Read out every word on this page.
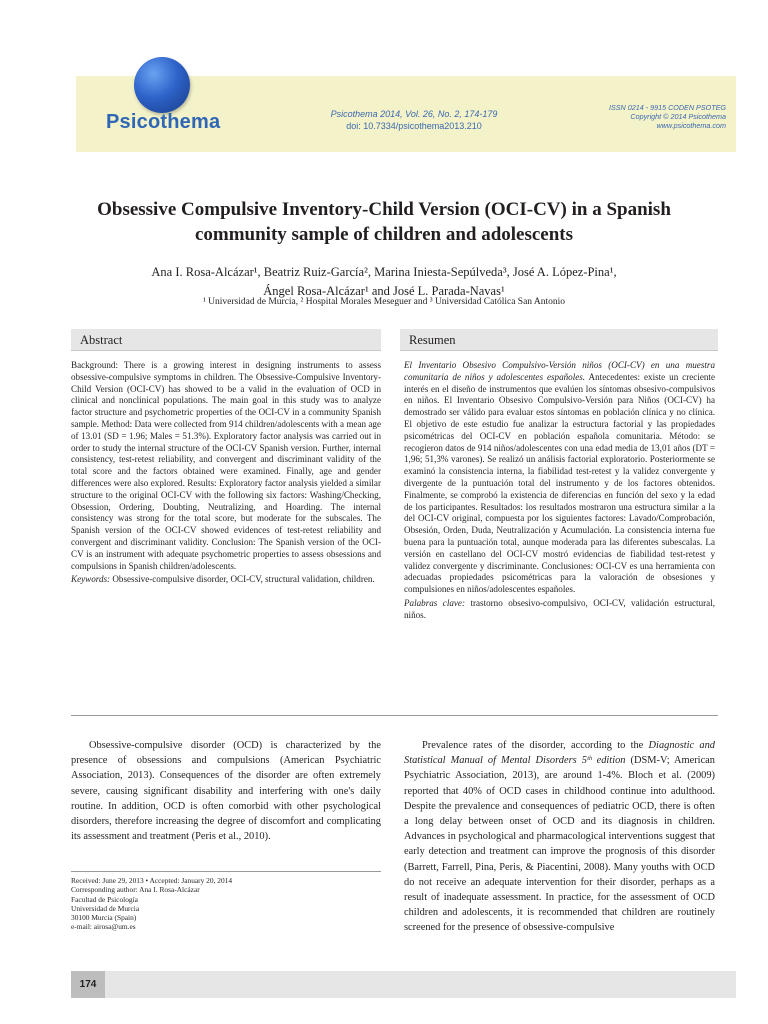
Psicothema	Psicothema 2014, Vol. 26, No. 2, 174-179
doi: 10.7334/psicothema2013.210
ISSN 0214 - 9915 CODEN PSOTEG
Copyright © 2014 Psicothema
www.psicothema.com
Obsessive Compulsive Inventory-Child Version (OCI-CV) in a Spanish
community sample of children and adolescents
Ana I. Rosa-Alcázar¹, Beatriz Ruiz-García², Marina Iniesta-Sepúlveda³, José A. López-Pina¹,
Ángel Rosa-Alcázar¹ and José L. Parada-Navas¹
¹ Universidad de Murcia, ² Hospital Morales Meseguer and ³ Universidad Católica San Antonio
Abstract	Resumen
Background: There is a growing interest in designing instruments to assess obsessive-compulsive symptoms in children. The Obsessive-Compulsive Inventory-Child Version (OCI-CV) has showed to be a valid in the evaluation of OCD in clinical and nonclinical populations. The main goal in this study was to analyze factor structure and psychometric properties of the OCI-CV in a community Spanish sample. Method: Data were collected from 914 children/adolescents with a mean age of 13.01 (SD = 1.96; Males = 51.3%). Exploratory factor analysis was carried out in order to study the internal structure of the OCI-CV Spanish version. Further, internal consistency, test-retest reliability, and convergent and discriminant validity of the total score and the factors obtained were examined. Finally, age and gender differences were also explored. Results: Exploratory factor analysis yielded a similar structure to the original OCI-CV with the following six factors: Washing/Checking, Obsession, Ordering, Doubting, Neutralizing, and Hoarding. The internal consistency was strong for the total score, but moderate for the subscales. The Spanish version of the OCI-CV showed evidences of test-retest reliability and convergent and discriminant validity. Conclusion: The Spanish version of the OCI-CV is an instrument with adequate psychometric properties to assess obsessions and compulsions in Spanish children/adolescents.
Keywords: Obsessive-compulsive disorder, OCI-CV, structural validation, children.
El Inventario Obsesivo Compulsivo-Versión niños (OCI-CV) en una muestra comunitaria de niños y adolescentes españoles. Antecedentes: existe un creciente interés en el diseño de instrumentos que evalúen los síntomas obsesivo-compulsivos en niños. El Inventario Obsesivo Compulsivo-Versión para Niños (OCI-CV) ha demostrado ser válido para evaluar estos síntomas en población clínica y no clínica. El objetivo de este estudio fue analizar la estructura factorial y las propiedades psicométricas del OCI-CV en población española comunitaria. Método: se recogieron datos de 914 niños/adolescentes con una edad media de 13,01 años (DT = 1,96; 51,3% varones). Se realizó un análisis factorial exploratorio. Posteriormente se examinó la consistencia interna, la fiabilidad test-retest y la validez convergente y divergente de la puntuación total del instrumento y de los factores obtenidos. Finalmente, se comprobó la existencia de diferencias en función del sexo y la edad de los participantes. Resultados: los resultados mostraron una estructura similar a la del OCI-CV original, compuesta por los siguientes factores: Lavado/Comprobación, Obsesión, Orden, Duda, Neutralización y Acumulación. La consistencia interna fue buena para la puntuación total, aunque moderada para las diferentes subescalas. La versión en castellano del OCI-CV mostró evidencias de fiabilidad test-retest y validez convergente y discriminante. Conclusiones: OCI-CV es una herramienta con adecuadas propiedades psicométricas para la valoración de obsesiones y compulsiones en niños/adolescentes españoles.
Palabras clave: trastorno obsesivo-compulsivo, OCI-CV, validación estructural, niños.

Obsessive-compulsive disorder (OCD) is characterized by the presence of obsessions and compulsions (American Psychiatric Association, 2013). Consequences of the disorder are often extremely severe, causing significant disability and interfering with one's daily routine. In addition, OCD is often comorbid with other psychological disorders, therefore increasing the degree of discomfort and complicating its assessment and treatment (Peris et al., 2010).

Prevalence rates of the disorder, according to the Diagnostic and Statistical Manual of Mental Disorders 5ᵗʰ edition (DSM-V; American Psychiatric Association, 2013), are around 1-4%. Bloch et al. (2009) reported that 40% of OCD cases in childhood continue into adulthood. Despite the prevalence and consequences of pediatric OCD, there is often a long delay between onset of OCD and its diagnosis in children. Advances in psychological and pharmacological interventions suggest that early detection and treatment can improve the prognosis of this disorder (Barrett, Farrell, Pina, Peris, & Piacentini, 2008). Many youths with OCD do not receive an adequate intervention for their disorder, perhaps as a result of inadequate assessment. In practice, for the assessment of OCD children and adolescents, it is recommended that children are routinely screened for the presence of obsessive-compulsive

Received: June 29, 2013 • Accepted: January 20, 2014
Corresponding author: Ana I. Rosa-Alcázar
Facultad de Psicología
Universidad de Murcia
30100 Murcia (Spain)
e-mail: airosa@um.es
174
